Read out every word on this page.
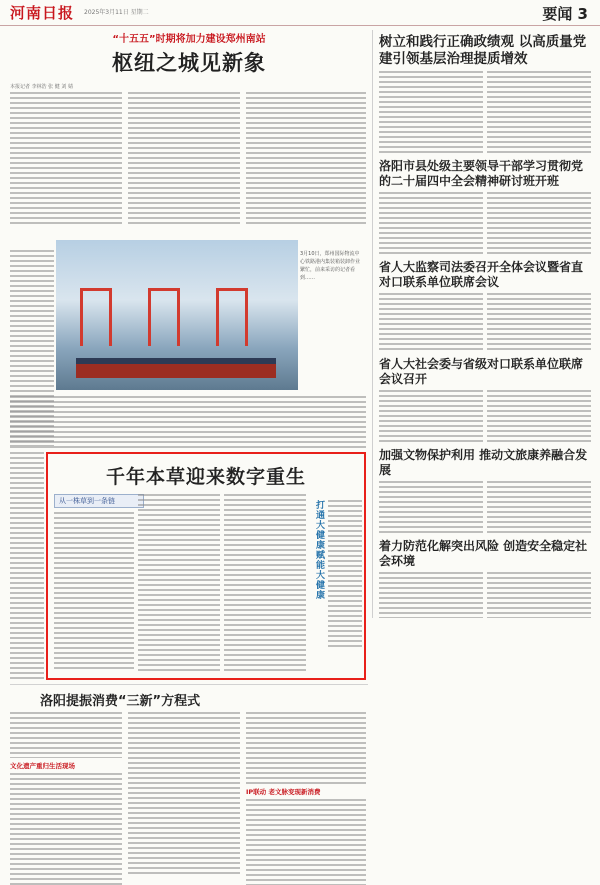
河南日报 2025年3月11日 星期二	要闻 3
“十五五”时期将加力建设郑州南站
枢纽之城见新象
本报记者 李林浩 张 健 刘 婧
3月10日，郑州国际物流中心铁路港内集装箱装卸作业繁忙，前来采访的记者看到……
千年本草迎来数字重生
从一株草到一条链	打通大健康赋能大健康
洛阳提振消费“三新”方程式
文化遗产重归生活现场
IP联动 老文脉变现新消费
树立和践行正确政绩观 以高质量党建引领基层治理提质增效
洛阳市县处级主要领导干部学习贯彻党的二十届四中全会精神研讨班开班
省人大监察司法委召开全体会议暨省直对口联系单位联席会议
省人大社会委与省级对口联系单位联席会议召开
加强文物保护利用 推动文旅康养融合发展
着力防范化解突出风险 创造安全稳定社会环境
